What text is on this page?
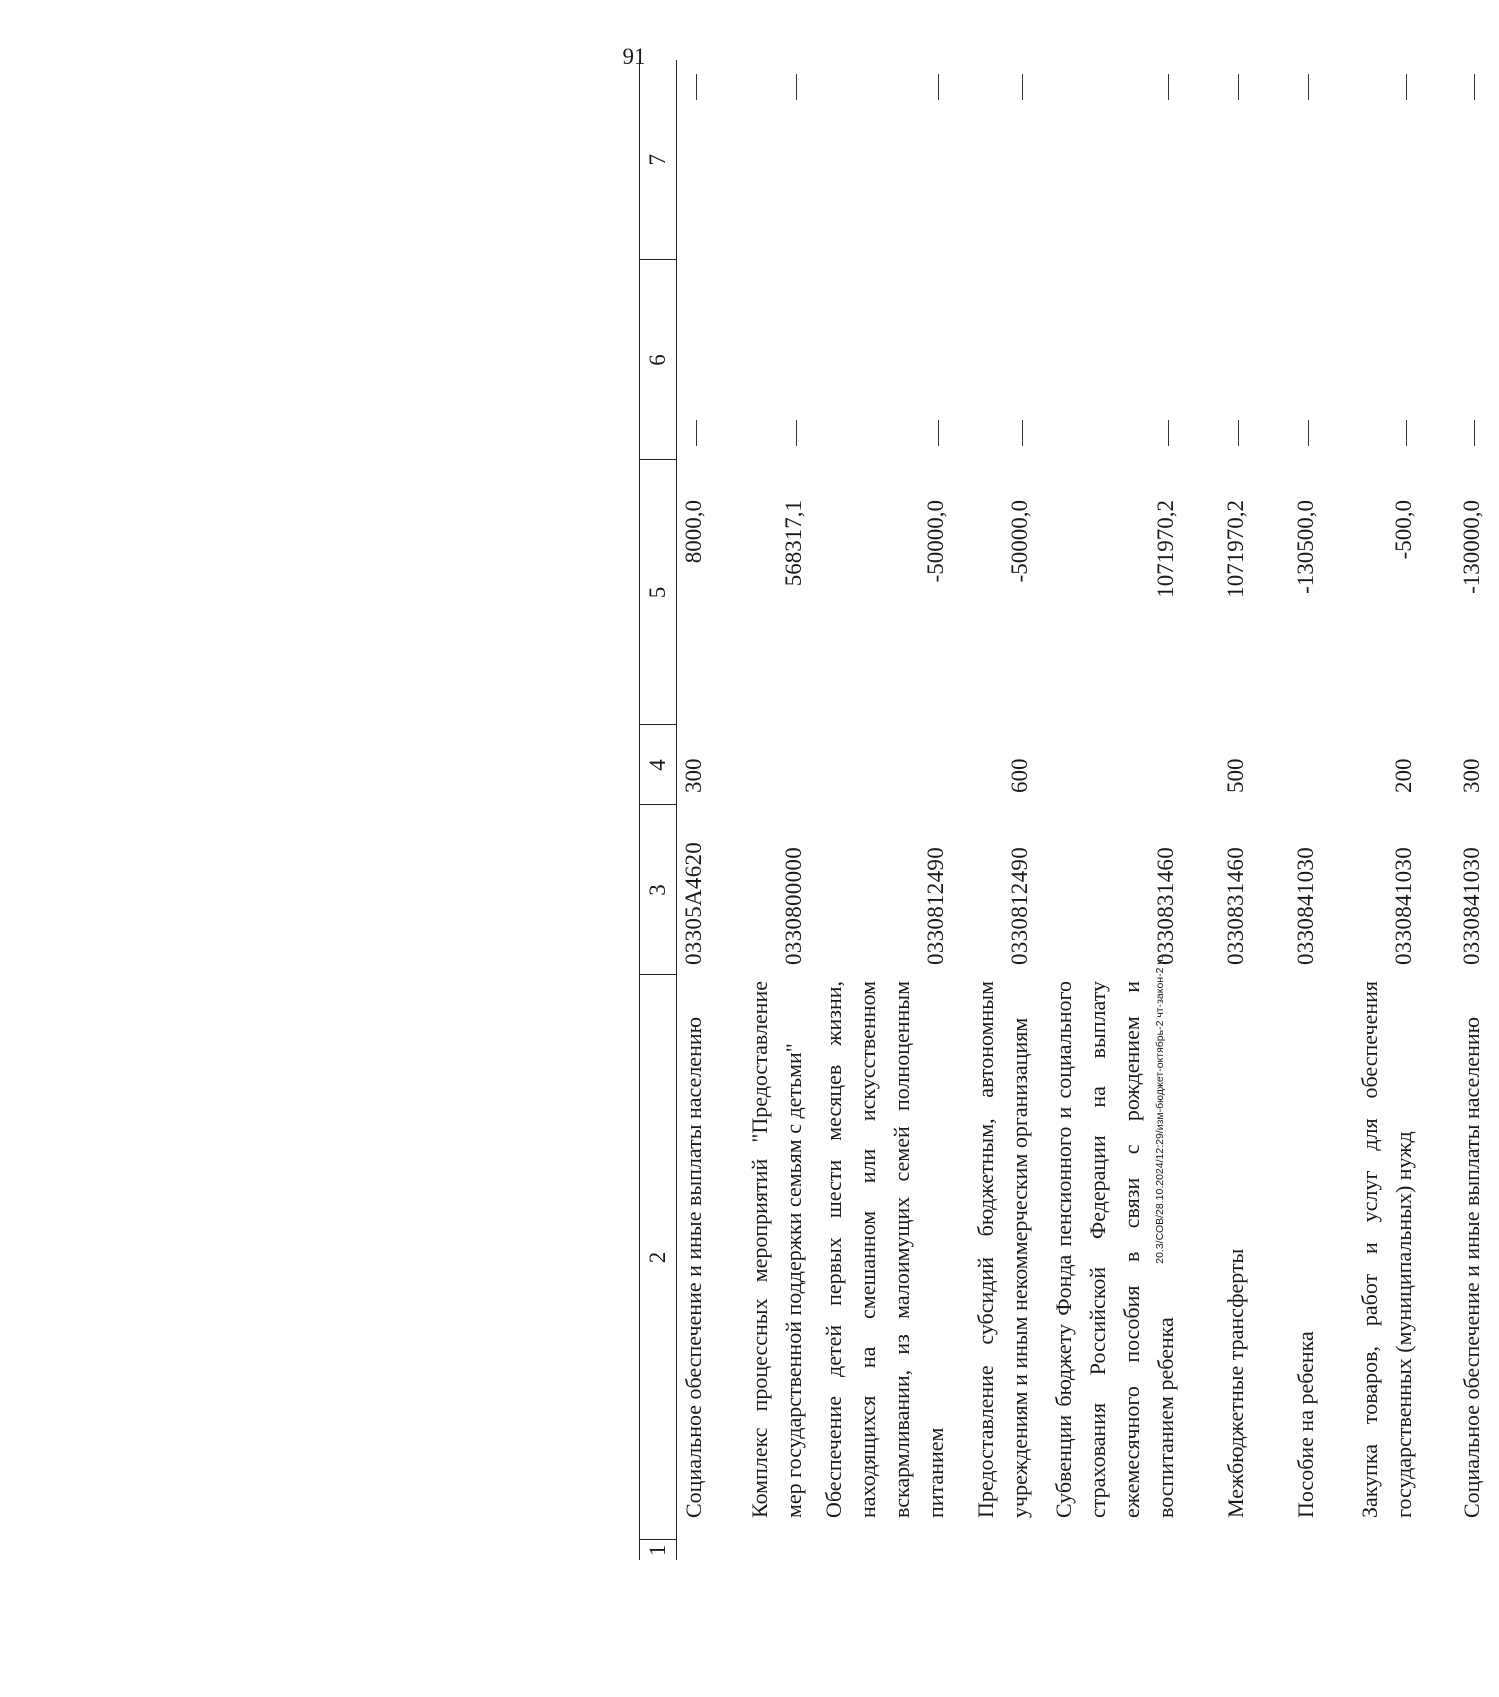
91
20.3/СОВ/28.10.2024/12:29/изм-бюджет-октябрь-2 чт-закон-2 ч.
1	2	3	4	5	6	7
	Социальное обеспечение и иные выплаты населению	03305А4620	300	8000,0		
	Комплекс процессных мероприятий "Предоставление мер государственной поддержки семьям с детьми"	0330800000		568317,1		
	Обеспечение детей первых шести месяцев жизни, находящихся на смешанном или искусственном вскармливании, из малоимущих семей полноценным питанием	0330812490		-50000,0		
	Предоставление субсидий бюджетным, автономным учреждениям и иным некоммерческим организациям	0330812490	600	-50000,0		
	Субвенции бюджету Фонда пенсионного и социального страхования Российской Федерации на выплату ежемесячного пособия в связи с рождением и воспитанием ребенка	0330831460		1071970,2		
	Межбюджетные трансферты	0330831460	500	1071970,2		
	Пособие на ребенка	0330841030		-130500,0		
	Закупка товаров, работ и услуг для обеспечения государственных (муниципальных) нужд	0330841030	200	-500,0		
	Социальное обеспечение и иные выплаты населению	0330841030	300	-130000,0		
